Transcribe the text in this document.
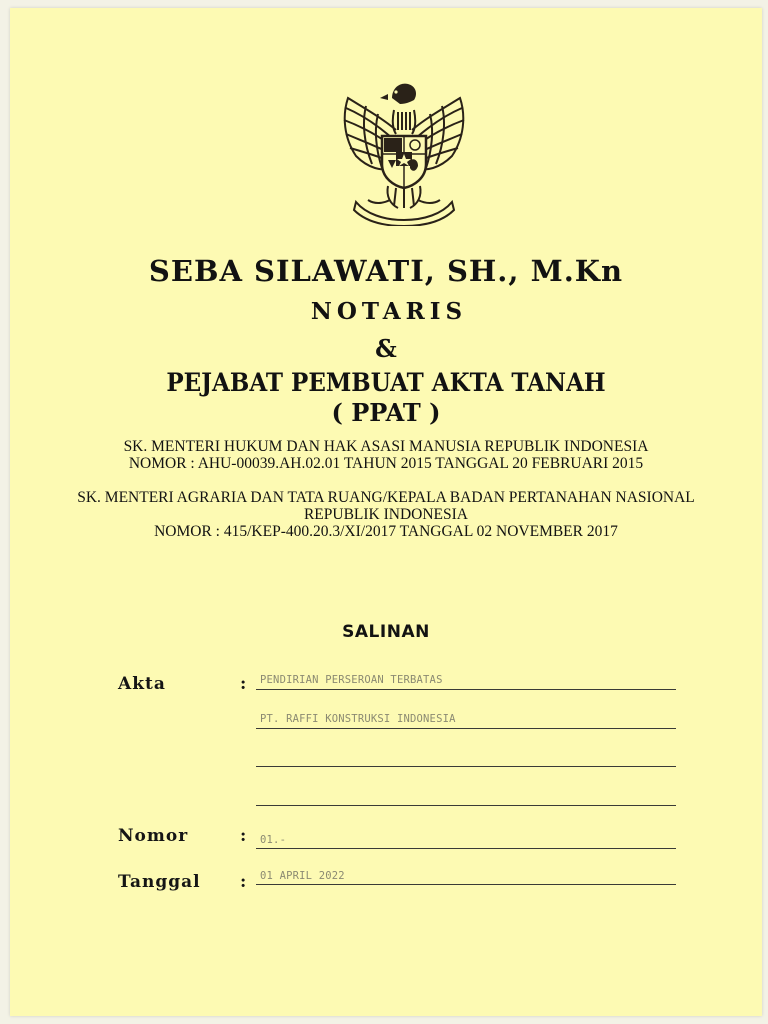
SEBA SILAWATI, SH., M.Kn
NOTARIS
&
PEJABAT PEMBUAT AKTA TANAH
( PPAT )
SK. MENTERI HUKUM DAN HAK ASASI MANUSIA REPUBLIK INDONESIA
NOMOR : AHU-00039.AH.02.01 TAHUN 2015 TANGGAL 20 FEBRUARI 2015
SK. MENTERI AGRARIA DAN TATA RUANG/KEPALA BADAN PERTANAHAN NASIONAL
REPUBLIK INDONESIA
NOMOR : 415/KEP-400.20.3/XI/2017 TANGGAL 02 NOVEMBER 2017
SALINAN
Akta	: PENDIRIAN PERSEROAN TERBATAS
PT. RAFFI KONSTRUKSI INDONESIA
Nomor	: 01.-
Tanggal : 01 APRIL 2022
